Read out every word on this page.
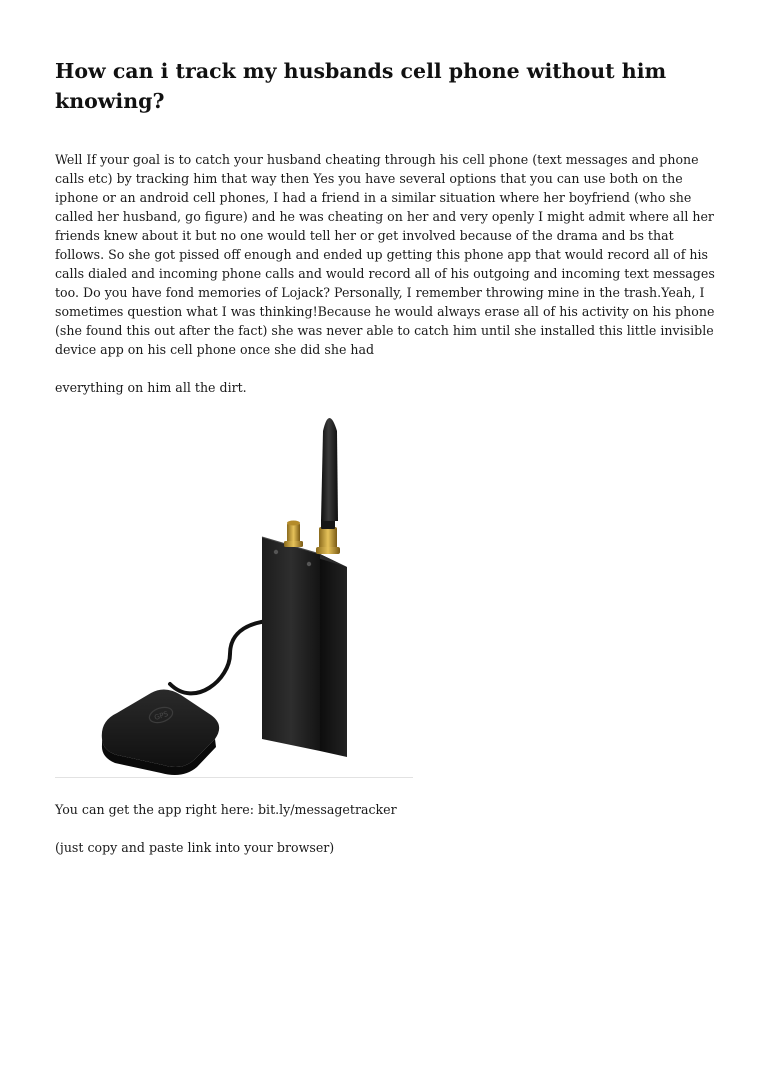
How can i track my husbands cell phone without him knowing?

Well If your goal is to catch your husband cheating through his cell phone (text messages and phone calls etc) by tracking him that way then Yes you have several options that you can use both on the iphone or an android cell phones, I had a friend in a similar situation where her boyfriend (who she called her husband, go figure) and he was cheating on her and very openly I might admit where all her friends knew about it but no one would tell her or get involved because of the drama and bs that follows. So she got pissed off enough and ended up getting this phone app that would record all of his calls dialed and incoming phone calls and would record all of his outgoing and incoming text messages too. Do you have fond memories of Lojack? Personally, I remember throwing mine in the trash.Yeah, I sometimes question what I was thinking!Because he would always erase all of his activity on his phone (she found this out after the fact) she was never able to catch him until she installed this little invisible device app on his cell phone once she did she had

everything on him all the dirt.

GPS

You can get the app right here: bit.ly/messagetracker

(just copy and paste link into your browser)
